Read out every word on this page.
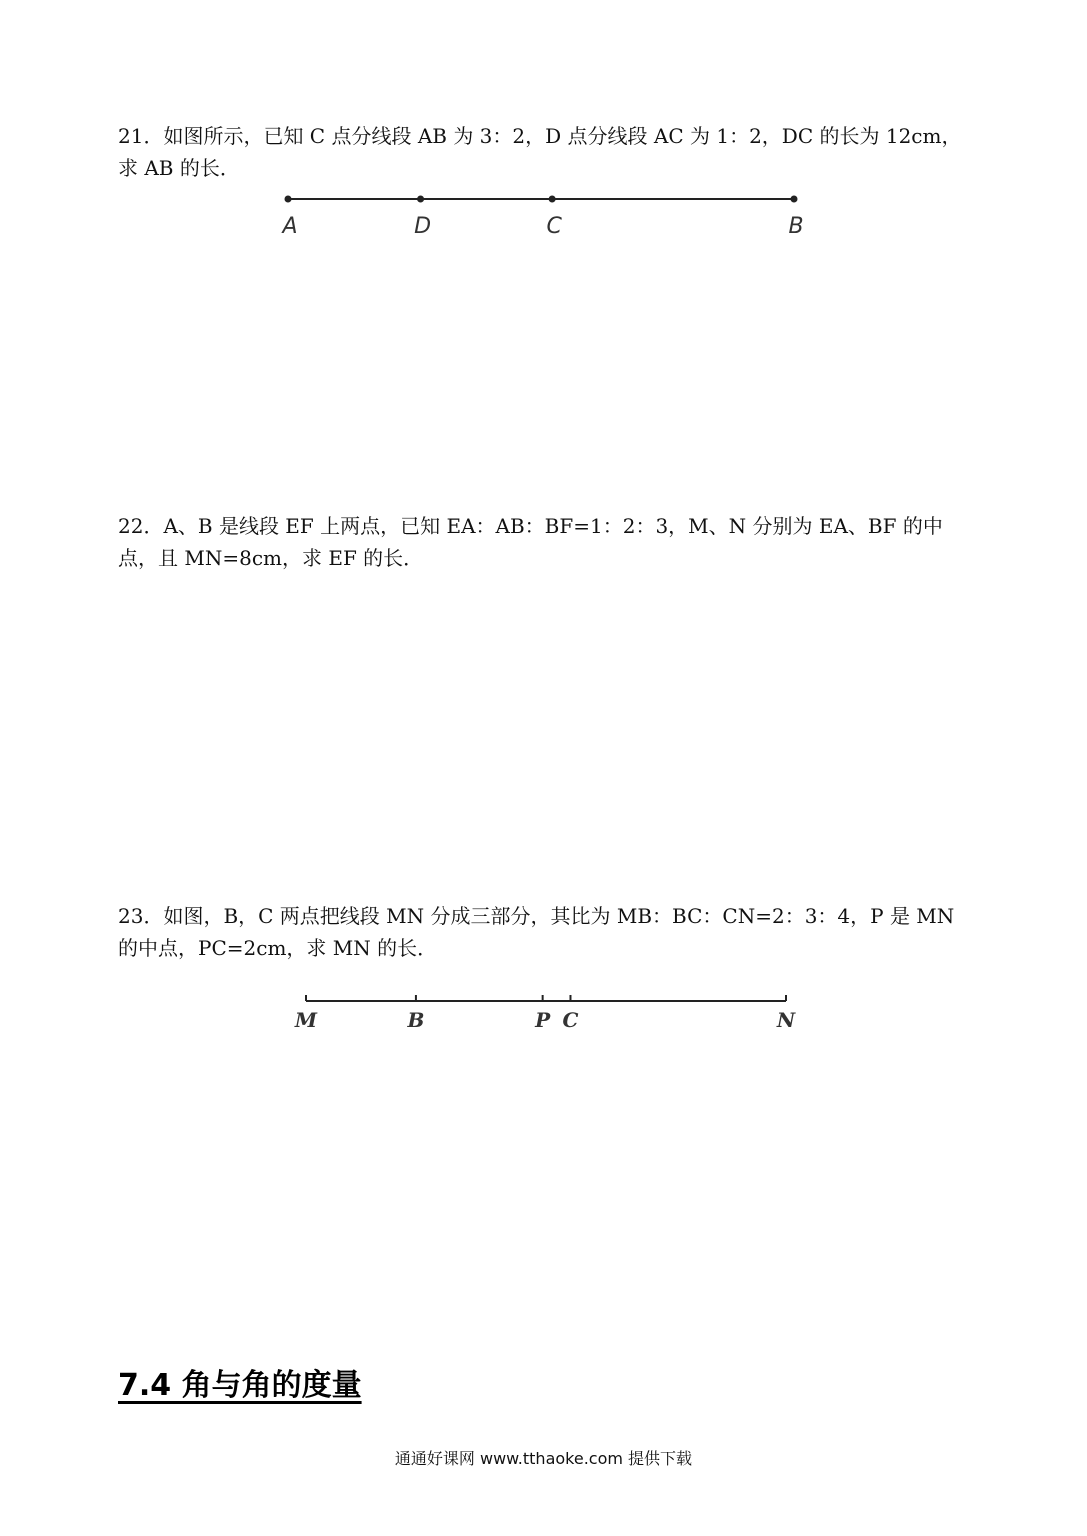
21．如图所示，已知 C 点分线段 AB 为 3：2，D 点分线段 AC 为 1：2，DC 的长为 12cm，

求 AB 的长．

A	D	C	B

22．A、B 是线段 EF 上两点，已知 EA：AB：BF=1：2：3，M、N 分别为 EA、BF 的中

点，且 MN=8cm，求 EF 的长．

23．如图，B，C 两点把线段 MN 分成三部分，其比为 MB：BC：CN=2：3：4，P 是 MN

的中点，PC=2cm，求 MN 的长．

M	B	P C	N
7.4 角与角的度量
通通好课网 www.tthaoke.com 提供下载
